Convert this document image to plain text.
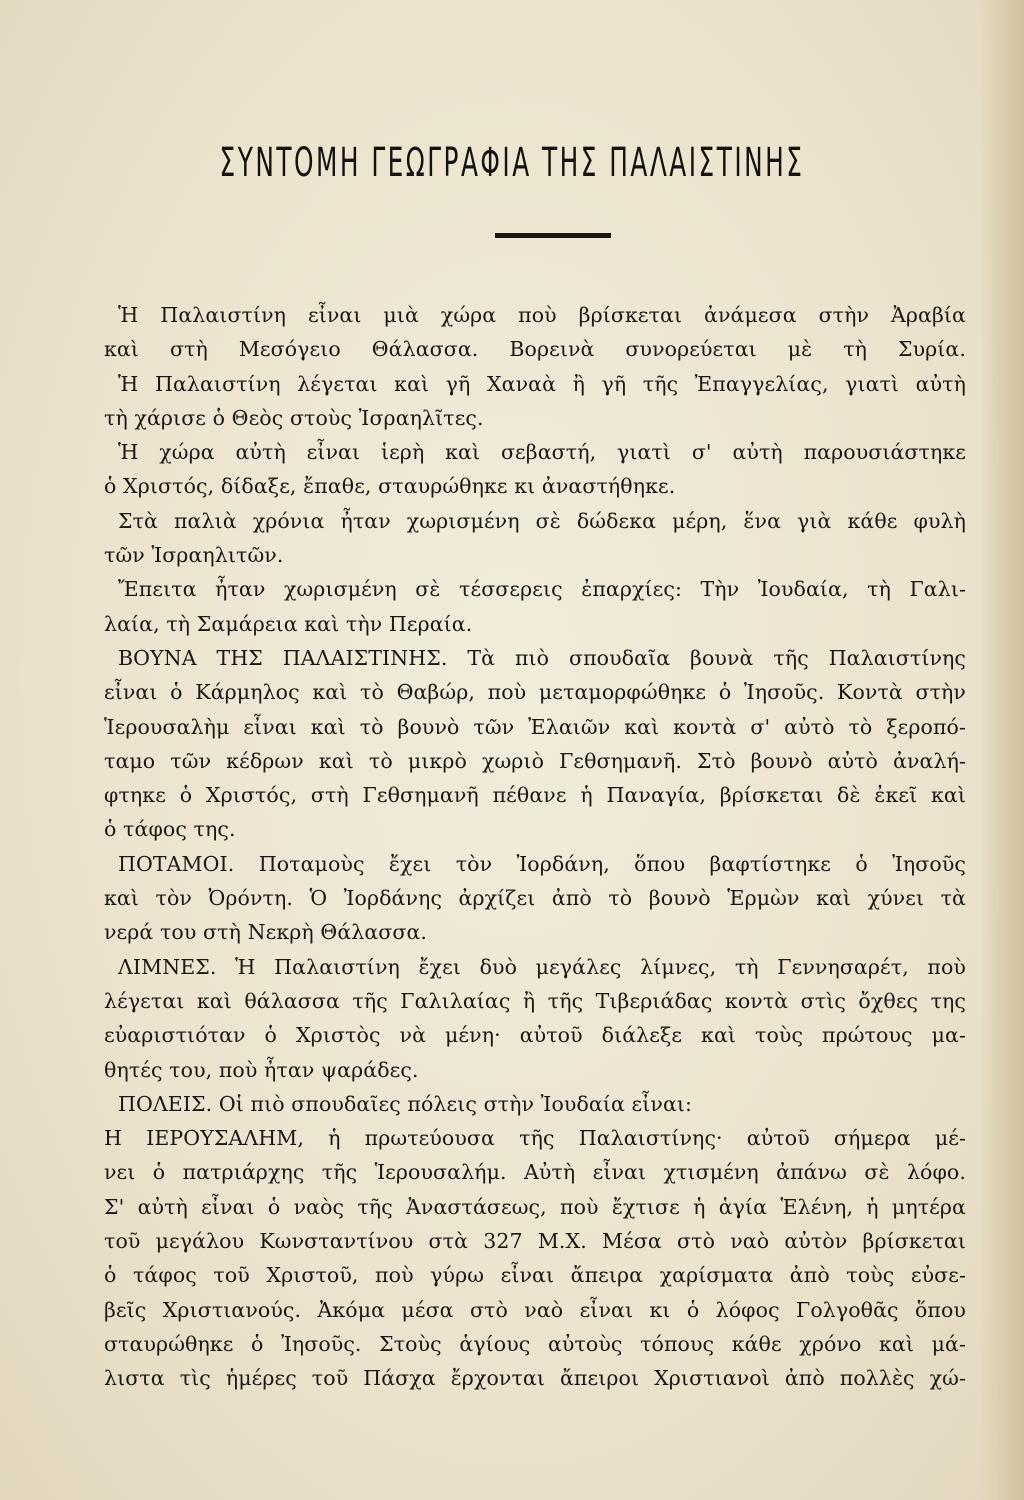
ΣΥΝΤΟΜΗ ΓΕΩΓΡΑΦΙΑ ΤΗΣ ΠΑΛΑΙΣΤΙΝΗΣ
Ἡ Παλαιστίνη εἶναι μιὰ χώρα ποὺ βρίσκεται ἀνάμεσα στὴν Ἀραβία
καὶ στὴ Μεσόγειο Θάλασσα. Βορεινὰ συνορεύεται μὲ τὴ Συρία.
Ἡ Παλαιστίνη λέγεται καὶ γῆ Χαναὰ ἢ γῆ τῆς Ἐπαγγελίας, γιατὶ αὐτὴ
τὴ χάρισε ὁ Θεὸς στοὺς Ἰσραηλῖτες.
Ἡ χώρα αὐτὴ εἶναι ἱερὴ καὶ σεβαστή, γιατὶ σ' αὐτὴ παρουσιάστηκε
ὁ Χριστός, δίδαξε, ἔπαθε, σταυρώθηκε κι ἀναστήθηκε.
Στὰ παλιὰ χρόνια ἦταν χωρισμένη σὲ δώδεκα μέρη, ἕνα γιὰ κάθε φυλὴ
τῶν Ἰσραηλιτῶν.
Ἔπειτα ἦταν χωρισμένη σὲ τέσσερεις ἐπαρχίες: Τὴν Ἰουδαία, τὴ Γαλι-
λαία, τὴ Σαμάρεια καὶ τὴν Περαία.
ΒΟΥΝΑ ΤΗΣ ΠΑΛΑΙΣΤΙΝΗΣ. Τὰ πιὸ σπουδαῖα βουνὰ τῆς Παλαιστίνης
εἶναι ὁ Κάρμηλος καὶ τὸ Θαβώρ, ποὺ μεταμορφώθηκε ὁ Ἰησοῦς. Κοντὰ στὴν
Ἱερουσαλὴμ εἶναι καὶ τὸ βουνὸ τῶν Ἐλαιῶν καὶ κοντὰ σ' αὐτὸ τὸ ξεροπό-
ταμο τῶν κέδρων καὶ τὸ μικρὸ χωριὸ Γεθσημανῆ. Στὸ βουνὸ αὐτὸ ἀναλή-
φτηκε ὁ Χριστός, στὴ Γεθσημανῆ πέθανε ἡ Παναγία, βρίσκεται δὲ ἐκεῖ καὶ
ὁ τάφος της.
ΠΟΤΑΜΟΙ. Ποταμοὺς ἔχει τὸν Ἰορδάνη, ὅπου βαφτίστηκε ὁ Ἰησοῦς
καὶ τὸν Ὀρόντη. Ὁ Ἰορδάνης ἀρχίζει ἀπὸ τὸ βουνὸ Ἑρμὼν καὶ χύνει τὰ
νερά του στὴ Νεκρὴ Θάλασσα.
ΛΙΜΝΕΣ. Ἡ Παλαιστίνη ἔχει δυὸ μεγάλες λίμνες, τὴ Γεννησαρέτ, ποὺ
λέγεται καὶ θάλασσα τῆς Γαλιλαίας ἢ τῆς Τιβεριάδας κοντὰ στὶς ὄχθες της
εὐαριστιόταν ὁ Χριστὸς νὰ μένη· αὐτοῦ διάλεξε καὶ τοὺς πρώτους μα-
θητές του, ποὺ ἦταν ψαράδες.
ΠΟΛΕΙΣ. Οἱ πιὸ σπουδαῖες πόλεις στὴν Ἰουδαία εἶναι:
Η ΙΕΡΟΥΣΑΛΗΜ, ἡ πρωτεύουσα τῆς Παλαιστίνης· αὐτοῦ σήμερα μέ-
νει ὁ πατριάρχης τῆς Ἱερουσαλήμ. Αὐτὴ εἶναι χτισμένη ἀπάνω σὲ λόφο.
Σ' αὐτὴ εἶναι ὁ ναὸς τῆς Ἀναστάσεως, ποὺ ἔχτισε ἡ ἁγία Ἑλένη, ἡ μητέρα
τοῦ μεγάλου Κωνσταντίνου στὰ 327 Μ.Χ. Μέσα στὸ ναὸ αὐτὸν βρίσκεται
ὁ τάφος τοῦ Χριστοῦ, ποὺ γύρω εἶναι ἄπειρα χαρίσματα ἀπὸ τοὺς εὐσε-
βεῖς Χριστιανούς. Ἀκόμα μέσα στὸ ναὸ εἶναι κι ὁ λόφος Γολγοθᾶς ὅπου
σταυρώθηκε ὁ Ἰησοῦς. Στοὺς ἁγίους αὐτοὺς τόπους κάθε χρόνο καὶ μά-
λιστα τὶς ἡμέρες τοῦ Πάσχα ἔρχονται ἄπειροι Χριστιανοὶ ἀπὸ πολλὲς χώ-
